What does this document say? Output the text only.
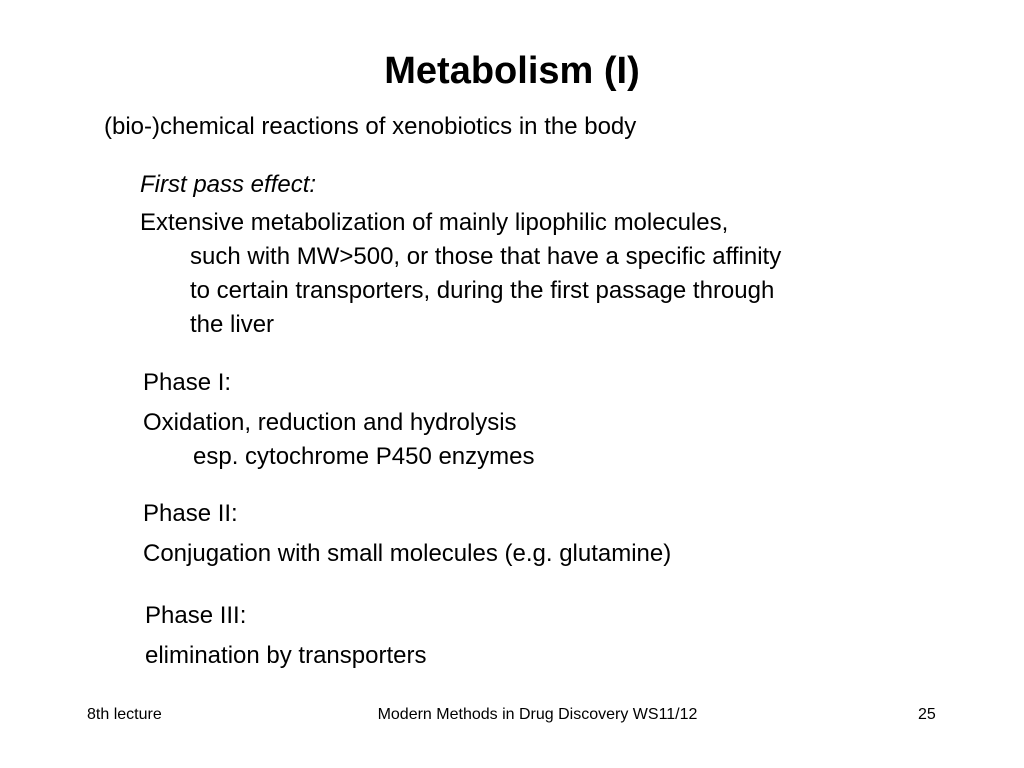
Metabolism (I)
(bio-)chemical reactions of xenobiotics in the body
First pass effect:
Extensive metabolization of mainly lipophilic molecules,
such with MW>500, or those that have a specific affinity
to certain transporters, during the first passage through
the liver
Phase I:
Oxidation, reduction and hydrolysis
esp. cytochrome P450 enzymes
Phase II:
Conjugation with small molecules (e.g. glutamine)
Phase III:
elimination by transporters
8th lecture	Modern Methods in Drug Discovery WS11/12	25
